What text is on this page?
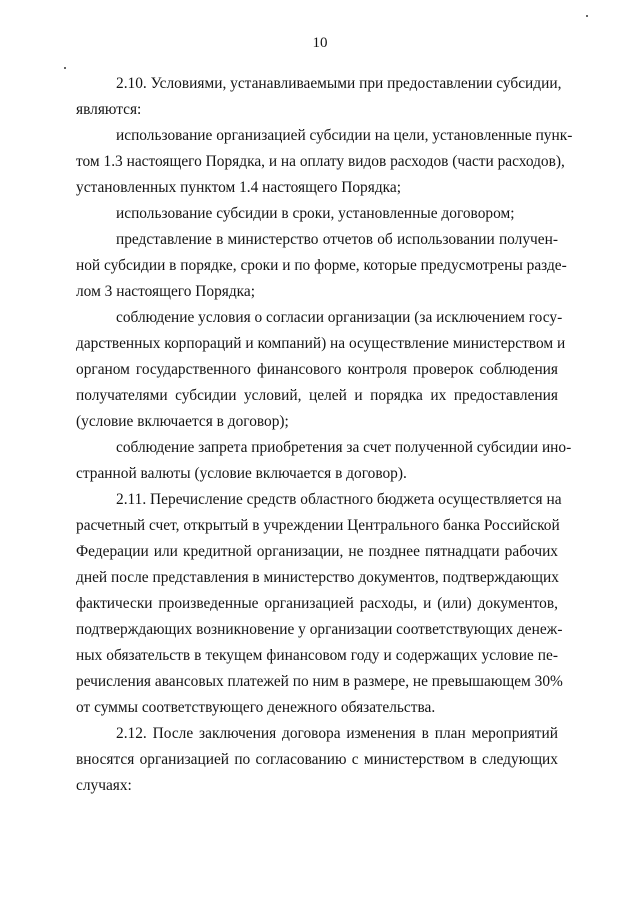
10
2.10. Условиями, устанавливаемыми при предоставлении субсидии,
являются:
использование организацией субсидии на цели, установленные пунк-
том 1.3 настоящего Порядка, и на оплату видов расходов (части расходов),
установленных пунктом 1.4 настоящего Порядка;
использование субсидии в сроки, установленные договором;
представление в министерство отчетов об использовании получен-
ной субсидии в порядке, сроки и по форме, которые предусмотрены разде-
лом 3 настоящего Порядка;
соблюдение условия о согласии организации (за исключением госу-
дарственных корпораций и компаний) на осуществление министерством и
органом государственного финансового контроля проверок соблюдения
получателями субсидии условий, целей и порядка их предоставления
(условие включается в договор);
соблюдение запрета приобретения за счет полученной субсидии ино-
странной валюты (условие включается в договор).
2.11. Перечисление средств областного бюджета осуществляется на
расчетный счет, открытый в учреждении Центрального банка Российской
Федерации или кредитной организации, не позднее пятнадцати рабочих
дней после представления в министерство документов, подтверждающих
фактически произведенные организацией расходы, и (или) документов,
подтверждающих возникновение у организации соответствующих денеж-
ных обязательств в текущем финансовом году и содержащих условие пе-
речисления авансовых платежей по ним в размере, не превышающем 30%
от суммы соответствующего денежного обязательства.
2.12. После заключения договора изменения в план мероприятий
вносятся организацией по согласованию с министерством в следующих
случаях:
